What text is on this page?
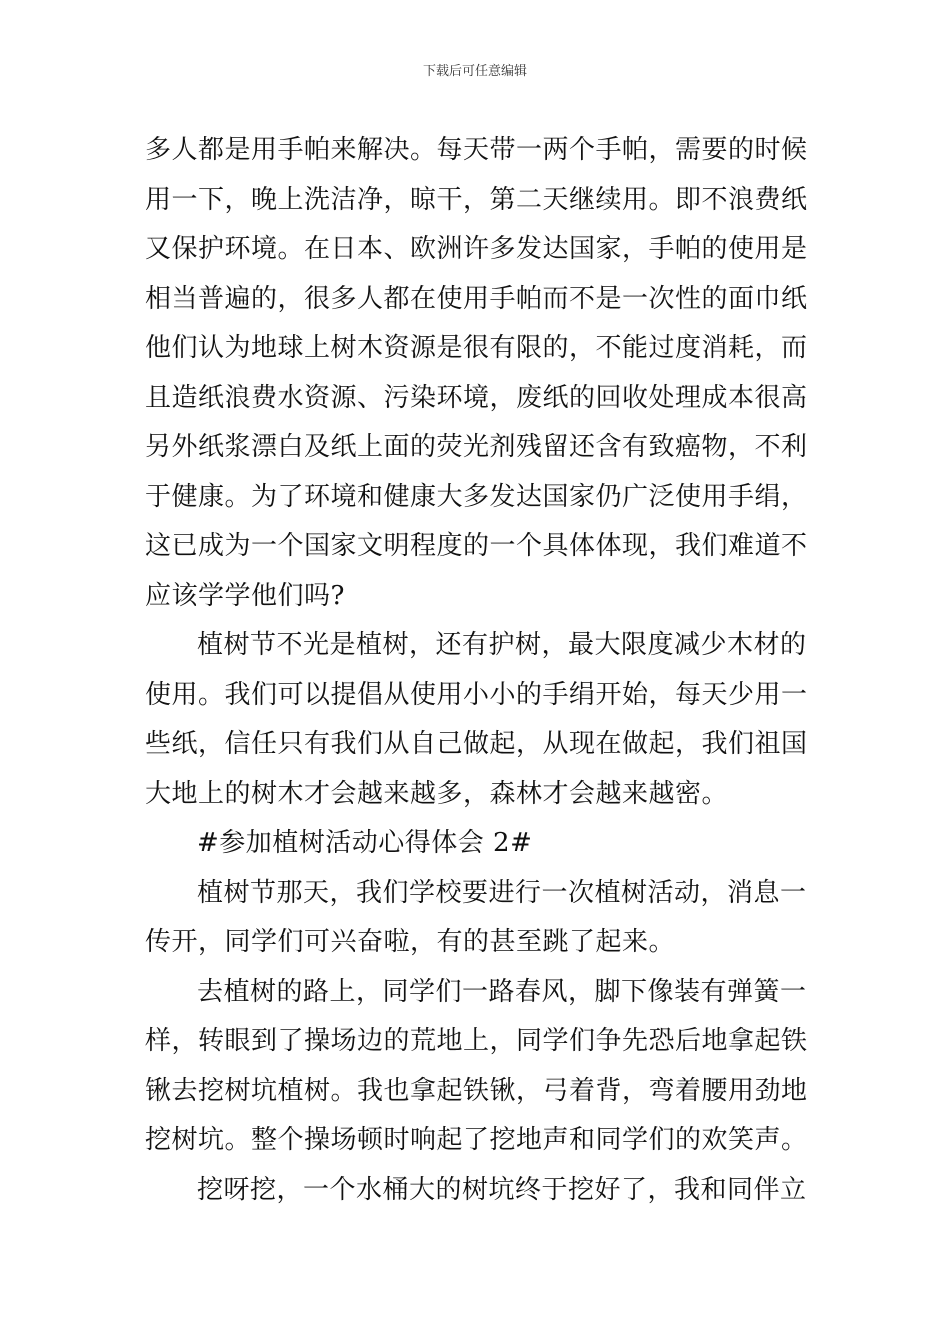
下载后可任意编辑
多人都是用手帕来解决。每天带一两个手帕，需要的时候
用一下，晚上洗洁净，晾干，第二天继续用。即不浪费纸
又保护环境。在日本、欧洲许多发达国家，手帕的使用是
相当普遍的，很多人都在使用手帕而不是一次性的面巾纸
他们认为地球上树木资源是很有限的，不能过度消耗，而
且造纸浪费水资源、污染环境，废纸的回收处理成本很高
另外纸浆漂白及纸上面的荧光剂残留还含有致癌物，不利
于健康。为了环境和健康大多发达国家仍广泛使用手绢，
这已成为一个国家文明程度的一个具体体现，我们难道不
应该学学他们吗?
植树节不光是植树，还有护树，最大限度减少木材的
使用。我们可以提倡从使用小小的手绢开始，每天少用一
些纸，信任只有我们从自己做起，从现在做起，我们祖国
大地上的树木才会越来越多，森林才会越来越密。
#参加植树活动心得体会 2#
植树节那天，我们学校要进行一次植树活动，消息一
传开，同学们可兴奋啦，有的甚至跳了起来。
去植树的路上，同学们一路春风，脚下像装有弹簧一
样，转眼到了操场边的荒地上，同学们争先恐后地拿起铁
锹去挖树坑植树。我也拿起铁锹，弓着背，弯着腰用劲地
挖树坑。整个操场顿时响起了挖地声和同学们的欢笑声。
挖呀挖，一个水桶大的树坑终于挖好了，我和同伴立
